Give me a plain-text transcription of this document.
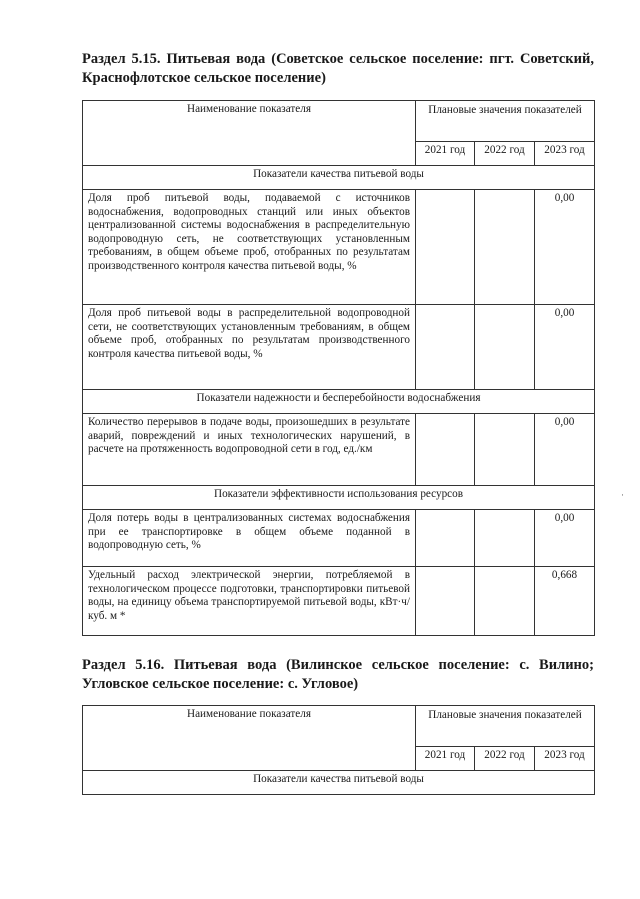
Раздел 5.15. Питьевая вода (Советское сельское поселение: пгт. Советский, Краснофлотское сельское поселение)
Наименование показателя	Плановые значения показателей		
	2021 год	2022 год	2023 год
Показатели качества питьевой воды			
Доля проб питьевой воды, подаваемой с источников водоснабжения, водопроводных станций или иных объектов централизованной системы водоснабжения в распределительную водопроводную сеть, не соответствующих установленным требованиям, в общем объеме проб, отобранных по результатам производственного контроля качества питьевой воды, %			0,00
Доля проб питьевой воды в распределительной водопроводной сети, не соответствующих установленным требованиям, в общем объеме проб, отобранных по результатам производственного контроля качества питьевой воды, %			0,00
Показатели надежности и бесперебойности водоснабжения			
Количество перерывов в подаче воды, произошедших в результате аварий, повреждений и иных технологических нарушений, в расчете на протяженность водопроводной сети в год, ед./км			0,00
Показатели эффективности использования ресурсов			
Доля потерь воды в централизованных системах водоснабжения при ее транспортировке в общем объеме поданной в водопроводную сеть, %			0,00
Удельный расход электрической энергии, потребляемой в технологическом процессе подготовки, транспортировки питьевой воды, на единицу объема транспортируемой питьевой воды, кВт·ч/куб. м *			0,668
Раздел 5.16. Питьевая вода (Вилинское сельское поселение: с. Вилино; Угловское сельское поселение: с. Угловое)
Наименование показателя	Плановые значения показателей		
	2021 год	2022 год	2023 год
Показатели качества питьевой воды			
·
